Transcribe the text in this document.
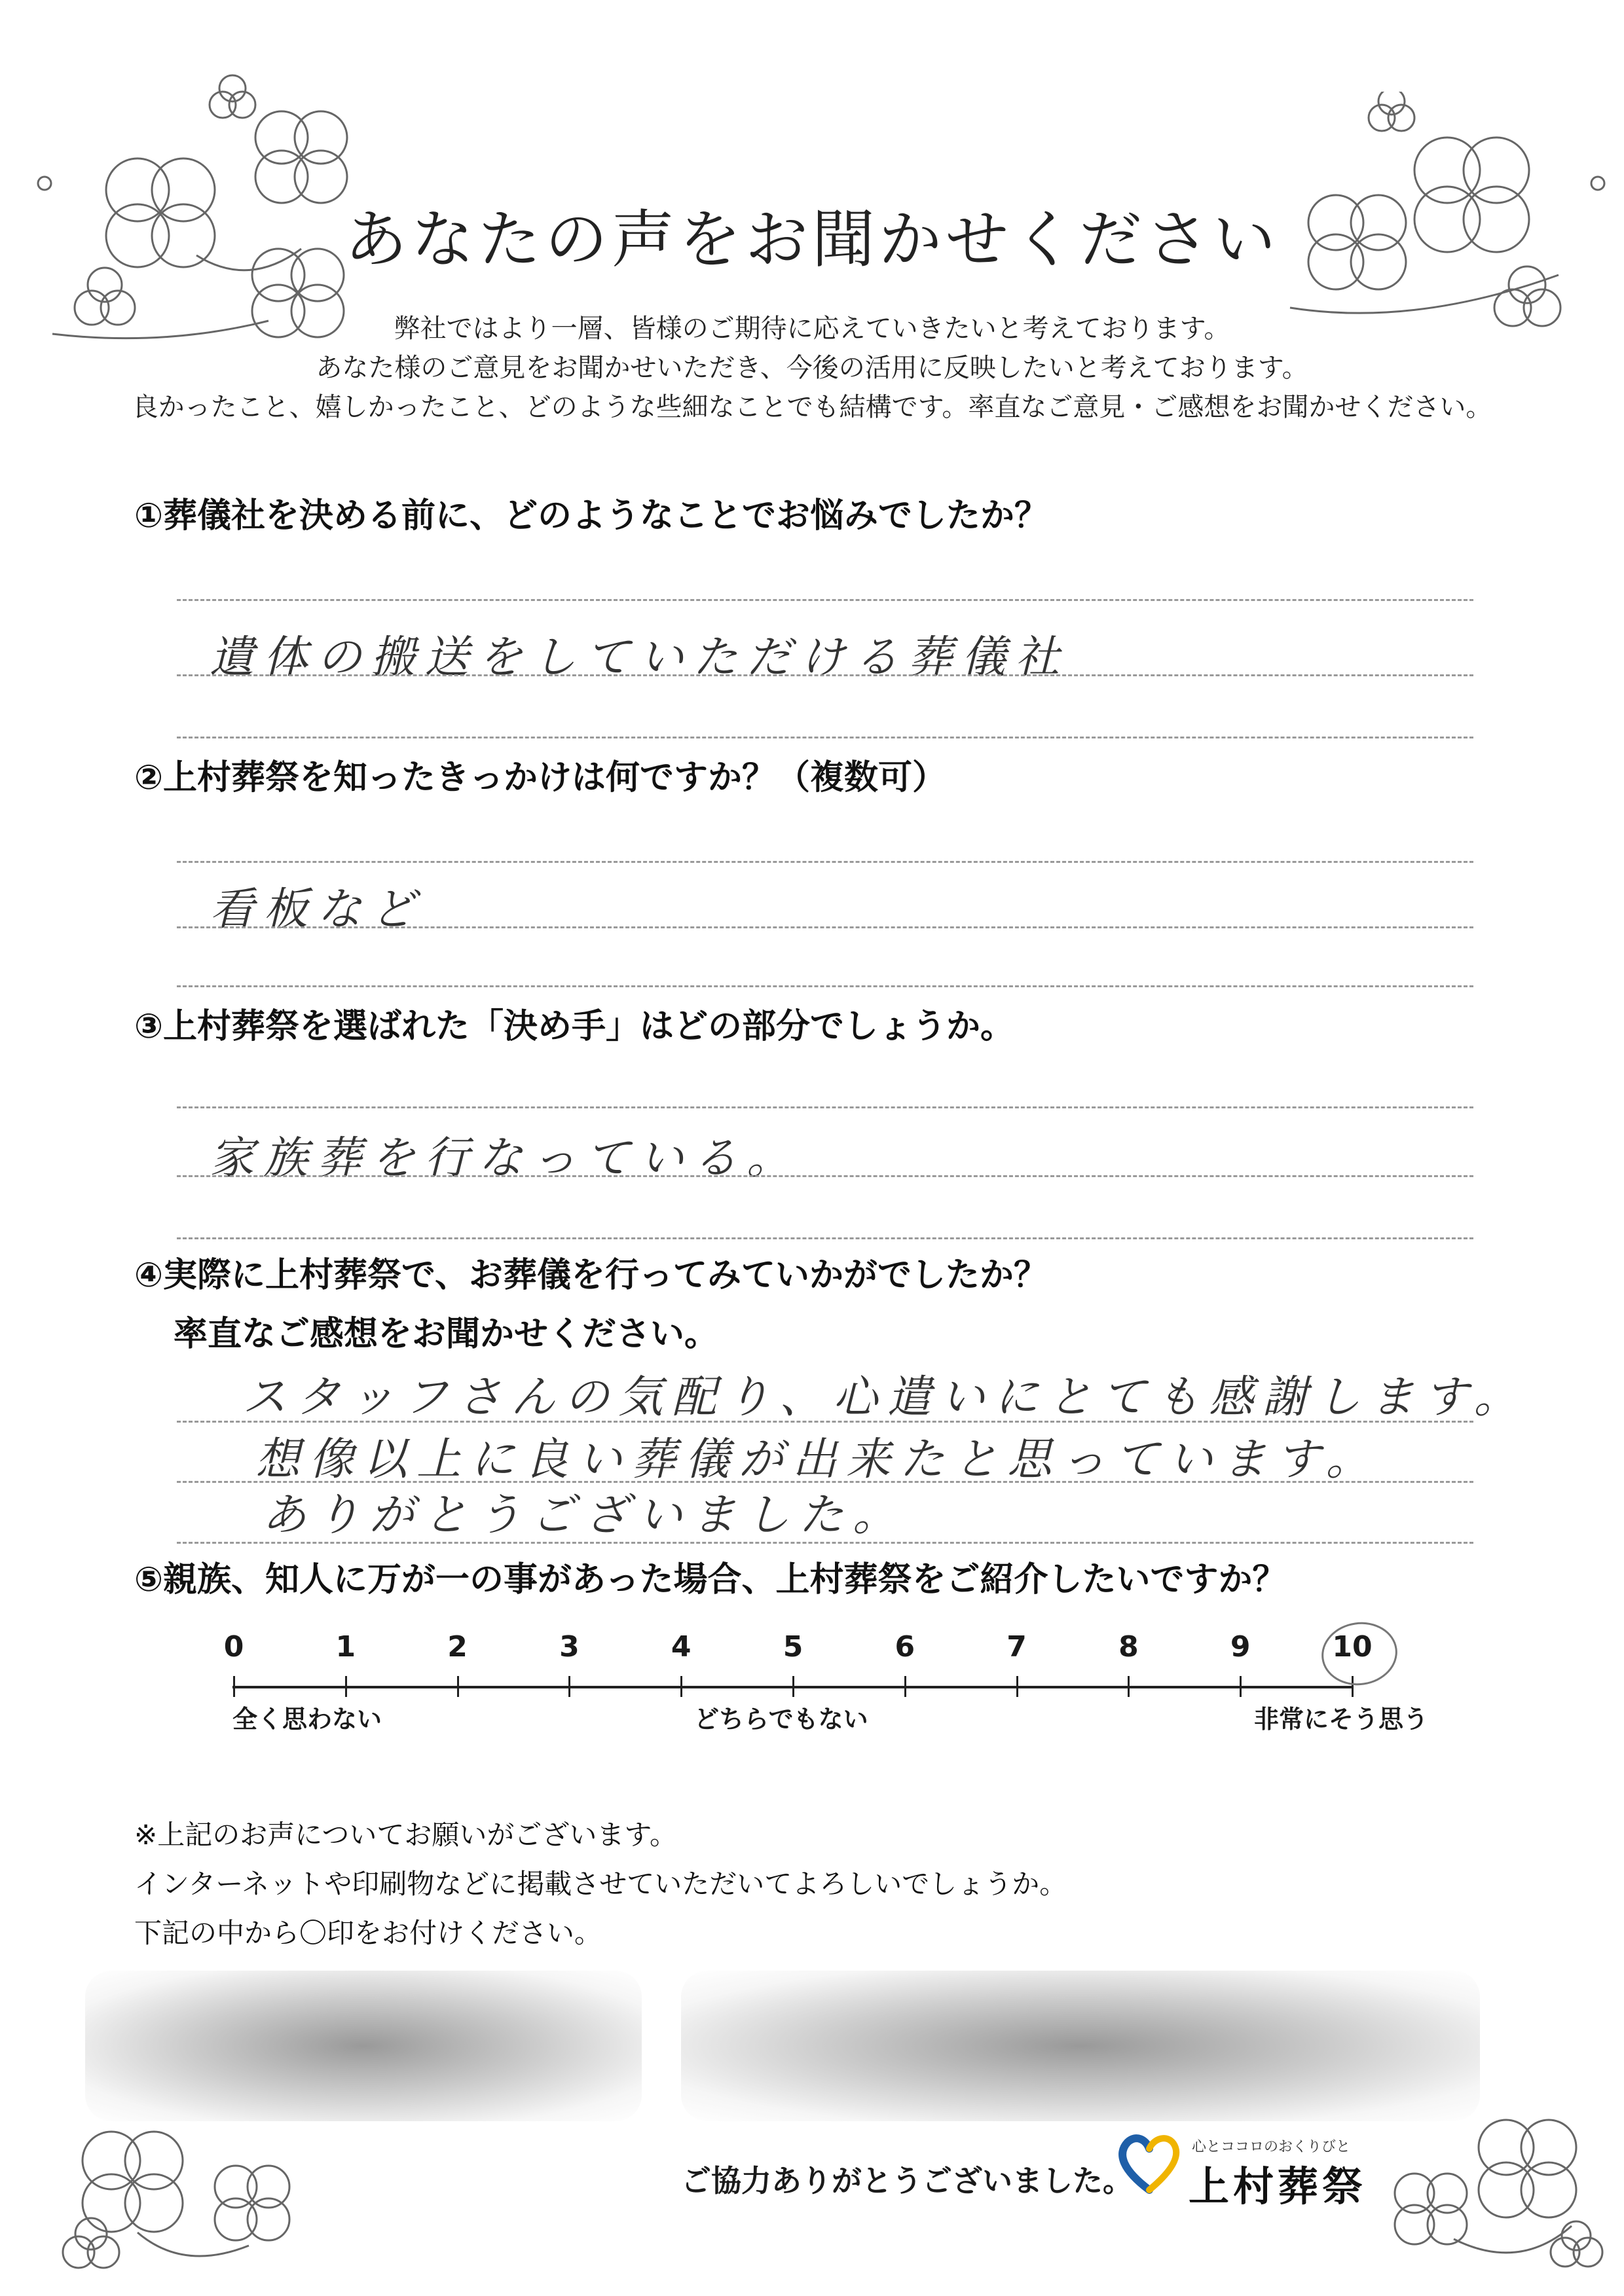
あなたの声をお聞かせください
弊社ではより一層、皆様のご期待に応えていきたいと考えております。
あなた様のご意見をお聞かせいただき、今後の活用に反映したいと考えております。
良かったこと、嬉しかったこと、どのような些細なことでも結構です。率直なご意見・ご感想をお聞かせください。
①葬儀社を決める前に、どのようなことでお悩みでしたか？
遺体の搬送をしていただける葬儀社
②上村葬祭を知ったきっかけは何ですか？（複数可）
看板など
③上村葬祭を選ばれた「決め手」はどの部分でしょうか。
家族葬を行なっている。
④実際に上村葬祭で、お葬儀を行ってみていかがでしたか？
率直なご感想をお聞かせください。
スタッフさんの気配り、心遣いにとても感謝します。
想像以上に良い葬儀が出来たと思っています。
ありがとうございました。
⑤親族、知人に万が一の事があった場合、上村葬祭をご紹介したいですか？
0	1	2	3	4	5	6	7	8	9	10
全く思わない	どちらでもない	非常にそう思う
※上記のお声についてお願いがございます。
インターネットや印刷物などに掲載させていただいてよろしいでしょうか。
下記の中から〇印をお付けください。
ご協力ありがとうございました。
心とココロのおくりびと
上村葬祭
